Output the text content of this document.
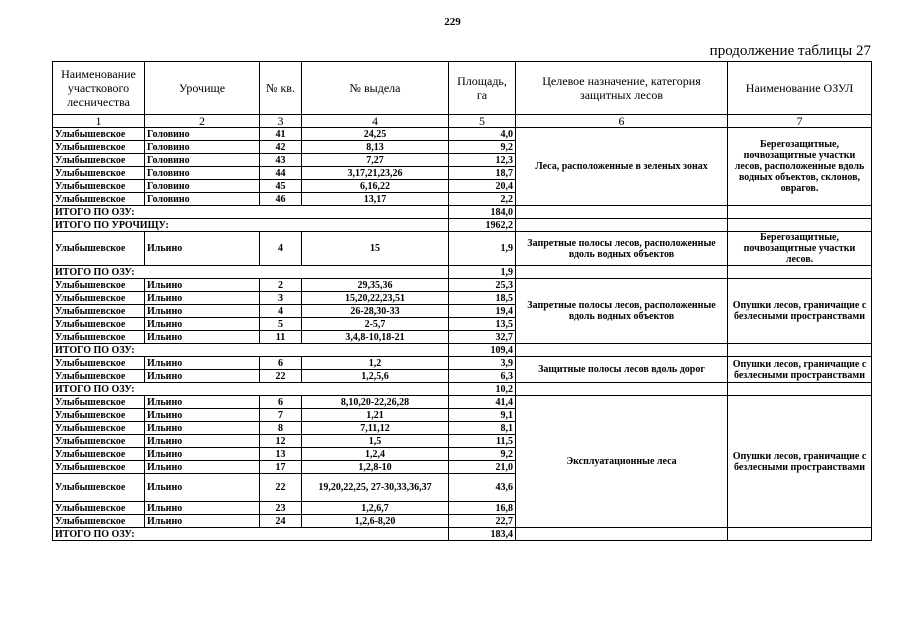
229
продолжение таблицы 27
Наименование участкового лесничества	Урочище	№ кв.	№ выдела	Площадь, га	Целевое назначение, категория защитных лесов	Наименование ОЗУЛ
1	2	3	4	5	6	7
Улыбышевское	Головино	41	24,25	4,0	Леса, расположенные в зеленых зонах	Берегозащитные, почвозащитные участки лесов, расположенные вдоль водных объектов, склонов, оврагов.
Улыбышевское	Головино	42	8,13	9,2		
Улыбышевское	Головино	43	7,27	12,3		
Улыбышевское	Головино	44	3,17,21,23,26	18,7		
Улыбышевское	Головино	45	6,16,22	20,4		
Улыбышевское	Головино	46	13,17	2,2		
ИТОГО ПО ОЗУ:				184,0		
ИТОГО ПО УРОЧИЩУ:				1962,2		
Улыбышевское	Ильино	4	15	1,9	Запретные полосы лесов, расположенные вдоль водных объектов	Берегозащитные, почвозащитные участки лесов.
ИТОГО ПО ОЗУ:				1,9		
Улыбышевское	Ильино	2	29,35,36	25,3	Запретные полосы лесов, расположенные вдоль водных объектов	Опушки лесов, граничащие с безлесными пространствами
Улыбышевское	Ильино	3	15,20,22,23,51	18,5		
Улыбышевское	Ильино	4	26-28,30-33	19,4		
Улыбышевское	Ильино	5	2-5,7	13,5		
Улыбышевское	Ильино	11	3,4,8-10,18-21	32,7		
ИТОГО ПО ОЗУ:				109,4		
Улыбышевское	Ильино	6	1,2	3,9	Защитные полосы лесов вдоль дорог	Опушки лесов, граничащие с безлесными пространствами
Улыбышевское	Ильино	22	1,2,5,6	6,3		
ИТОГО ПО ОЗУ:				10,2		
Улыбышевское	Ильино	6	8,10,20-22,26,28	41,4	Эксплуатационные леса	Опушки лесов, граничащие с безлесными пространствами
Улыбышевское	Ильино	7	1,21	9,1		
Улыбышевское	Ильино	8	7,11,12	8,1		
Улыбышевское	Ильино	12	1,5	11,5		
Улыбышевское	Ильино	13	1,2,4	9,2		
Улыбышевское	Ильино	17	1,2,8-10	21,0		
Улыбышевское	Ильино	22	19,20,22,25, 27-30,33,36,37	43,6		
Улыбышевское	Ильино	23	1,2,6,7	16,8		
Улыбышевское	Ильино	24	1,2,6-8,20	22,7		
ИТОГО ПО ОЗУ:				183,4		
